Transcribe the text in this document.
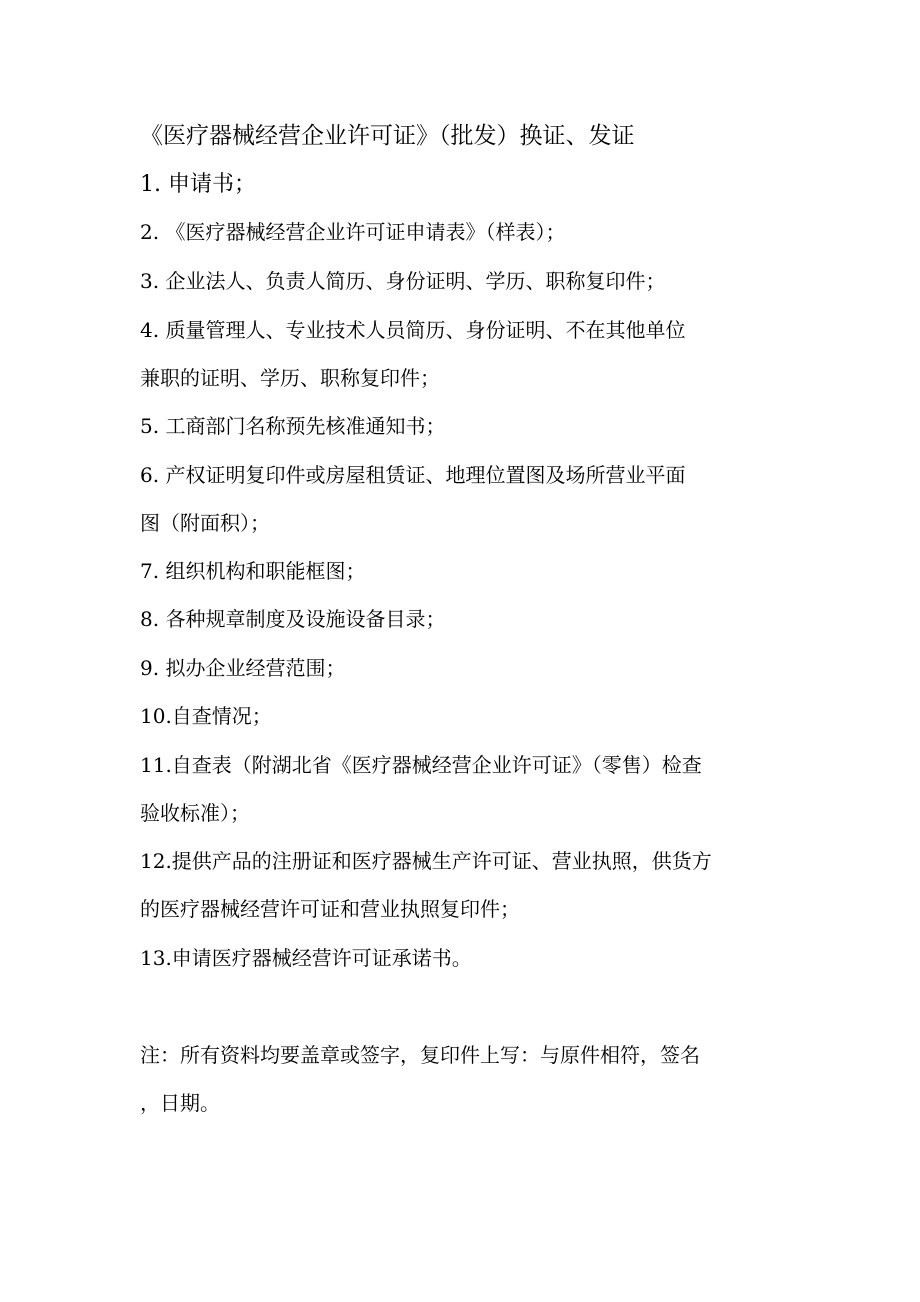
《医疗器械经营企业许可证》（批发）换证、发证
1. 申请书；
2. 《医疗器械经营企业许可证申请表》（样表）；
3. 企业法人、负责人简历、身份证明、学历、职称复印件；
4. 质量管理人、专业技术人员简历、身份证明、不在其他单位
兼职的证明、学历、职称复印件；
5. 工商部门名称预先核准通知书；
6. 产权证明复印件或房屋租赁证、地理位置图及场所营业平面
图（附面积）；
7. 组织机构和职能框图；
8. 各种规章制度及设施设备目录；
9. 拟办企业经营范围；
10.自查情况；
11.自查表（附湖北省《医疗器械经营企业许可证》（零售）检查
验收标准）；
12.提供产品的注册证和医疗器械生产许可证、营业执照，供货方
的医疗器械经营许可证和营业执照复印件；
13.申请医疗器械经营许可证承诺书。
注：所有资料均要盖章或签字，复印件上写：与原件相符，签名
，日期。
